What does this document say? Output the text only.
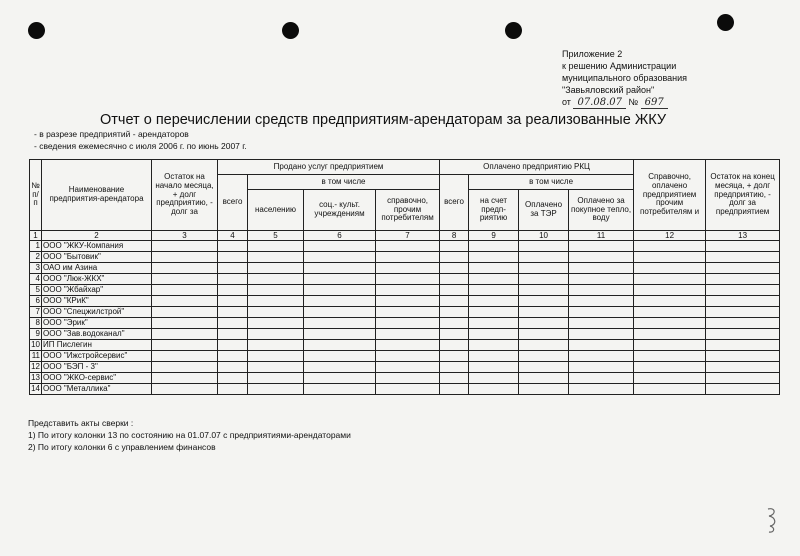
Приложение 2
к решению Администрации
муниципального образования
"Завьяловский район"
от 07.08.07 № 697
Отчет о перечислении средств предприятиям-арендаторам за реализованные ЖКУ
- в разрезе предприятий - арендаторов
- сведения ежемесячно с июля 2006 г. по июнь 2007 г.
№ п/п	Наименование предприятия-арендатора	Остаток на начало месяца, + долг предприятию, - долг за	Продано услуг предприятием				Оплачено предприятию РКЦ				Справочно, оплачено предприятием прочим потребителям и	Остаток на конец месяца, + долг предприятию, - долг за предприятием
			всего	в том числе			всего	в том числе				
				населению	соц.- культ. учреждениям	справочно, прочим потребителям		на счет предп-риятию	Оплачено за ТЭР	Оплачено за покупное тепло, воду		
1	2	3	4	5	6	7	8	9	10	11	12	13
1	ООО "ЖКУ-Компания											
2	ООО "Бытовик"											
3	ОАО им Азина											
4	ООО "Люк-ЖКХ"											
5	ООО "Жбайхар"											
6	ООО "КРиК"											
7	ООО "Спецжилстрой"											
8	ООО "Эрик"											
9	ООО "Зав.водоканал"											
10	ИП Пислегин											
11	ООО "Ижстройсервис"											
12	ООО "БЭП - 3"											
13	ООО "ЖКО-сервис"											
14	ООО "Металлика"											
Представить акты сверки :
1) По итогу колонки 13 по состоянию на 01.07.07 с предприятиями-арендаторами
2) По итогу колонки 6 с управлением финансов
